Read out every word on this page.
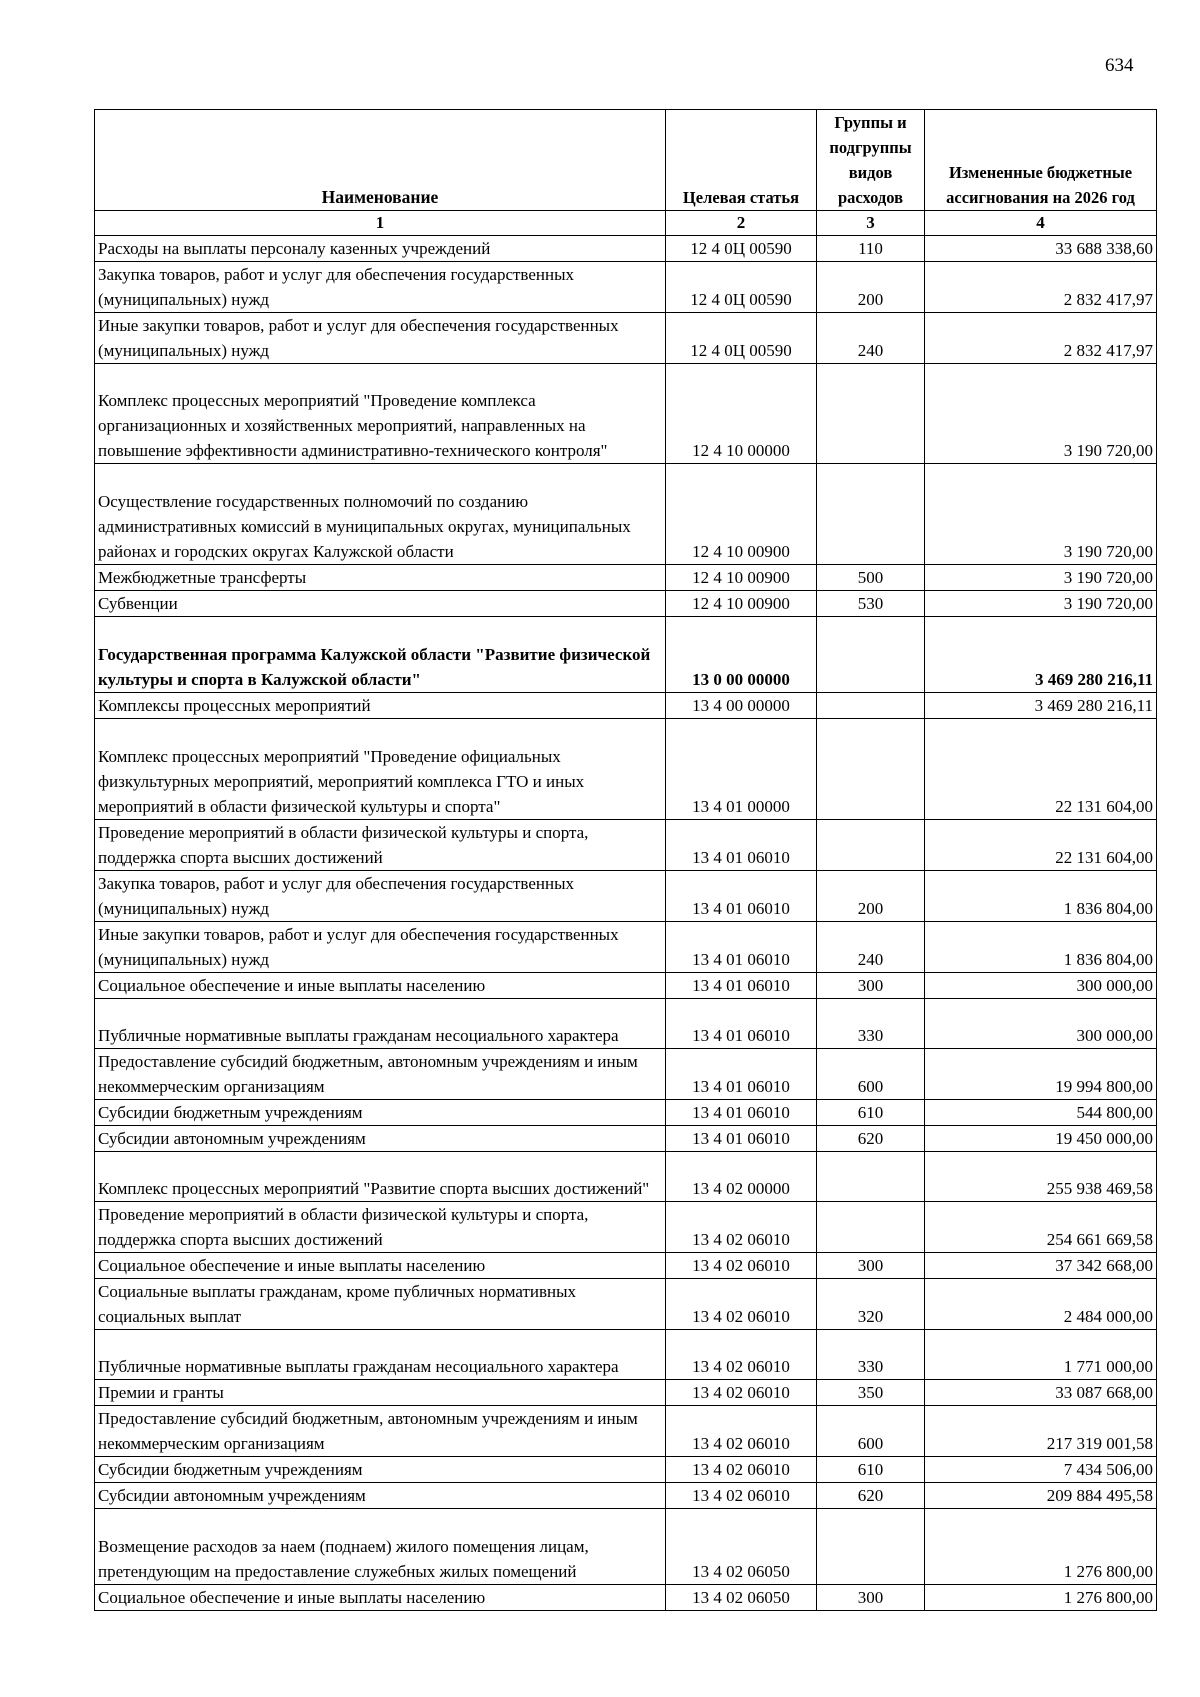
634
Наименование	Целевая статья	Группы и подгруппы видов расходов	Измененные бюджетные ассигнования на 2026 год
1	2	3	4
Расходы на выплаты персоналу казенных учреждений	12 4 0Ц 00590	110	33 688 338,60
Закупка товаров, работ и услуг для обеспечения государственных (муниципальных) нужд	12 4 0Ц 00590	200	2 832 417,97
Иные закупки товаров, работ и услуг для обеспечения государственных (муниципальных) нужд	12 4 0Ц 00590	240	2 832 417,97
Комплекс процессных мероприятий "Проведение комплекса организационных и хозяйственных мероприятий, направленных на повышение эффективности административно-технического контроля"	12 4 10 00000		3 190 720,00
Осуществление государственных полномочий по созданию административных комиссий в муниципальных округах, муниципальных районах и городских округах Калужской области	12 4 10 00900		3 190 720,00
Межбюджетные трансферты	12 4 10 00900	500	3 190 720,00
Субвенции	12 4 10 00900	530	3 190 720,00
Государственная программа Калужской области "Развитие физической культуры и спорта в Калужской области"	13 0 00 00000		3 469 280 216,11
Комплексы процессных мероприятий	13 4 00 00000		3 469 280 216,11
Комплекс процессных мероприятий "Проведение официальных физкультурных мероприятий, мероприятий комплекса ГТО и иных мероприятий в области физической культуры и спорта"	13 4 01 00000		22 131 604,00
Проведение мероприятий в области физической культуры и спорта, поддержка спорта высших достижений	13 4 01 06010		22 131 604,00
Закупка товаров, работ и услуг для обеспечения государственных (муниципальных) нужд	13 4 01 06010	200	1 836 804,00
Иные закупки товаров, работ и услуг для обеспечения государственных (муниципальных) нужд	13 4 01 06010	240	1 836 804,00
Социальное обеспечение и иные выплаты населению	13 4 01 06010	300	300 000,00
Публичные нормативные выплаты гражданам несоциального характера	13 4 01 06010	330	300 000,00
Предоставление субсидий бюджетным, автономным учреждениям и иным некоммерческим организациям	13 4 01 06010	600	19 994 800,00
Субсидии бюджетным учреждениям	13 4 01 06010	610	544 800,00
Субсидии автономным учреждениям	13 4 01 06010	620	19 450 000,00
Комплекс процессных мероприятий "Развитие спорта высших достижений"	13 4 02 00000		255 938 469,58
Проведение мероприятий в области физической культуры и спорта, поддержка спорта высших достижений	13 4 02 06010		254 661 669,58
Социальное обеспечение и иные выплаты населению	13 4 02 06010	300	37 342 668,00
Социальные выплаты гражданам, кроме публичных нормативных социальных выплат	13 4 02 06010	320	2 484 000,00
Публичные нормативные выплаты гражданам несоциального характера	13 4 02 06010	330	1 771 000,00
Премии и гранты	13 4 02 06010	350	33 087 668,00
Предоставление субсидий бюджетным, автономным учреждениям и иным некоммерческим организациям	13 4 02 06010	600	217 319 001,58
Субсидии бюджетным учреждениям	13 4 02 06010	610	7 434 506,00
Субсидии автономным учреждениям	13 4 02 06010	620	209 884 495,58
Возмещение расходов за наем (поднаем) жилого помещения лицам, претендующим на предоставление служебных жилых помещений	13 4 02 06050		1 276 800,00
Социальное обеспечение и иные выплаты населению	13 4 02 06050	300	1 276 800,00
